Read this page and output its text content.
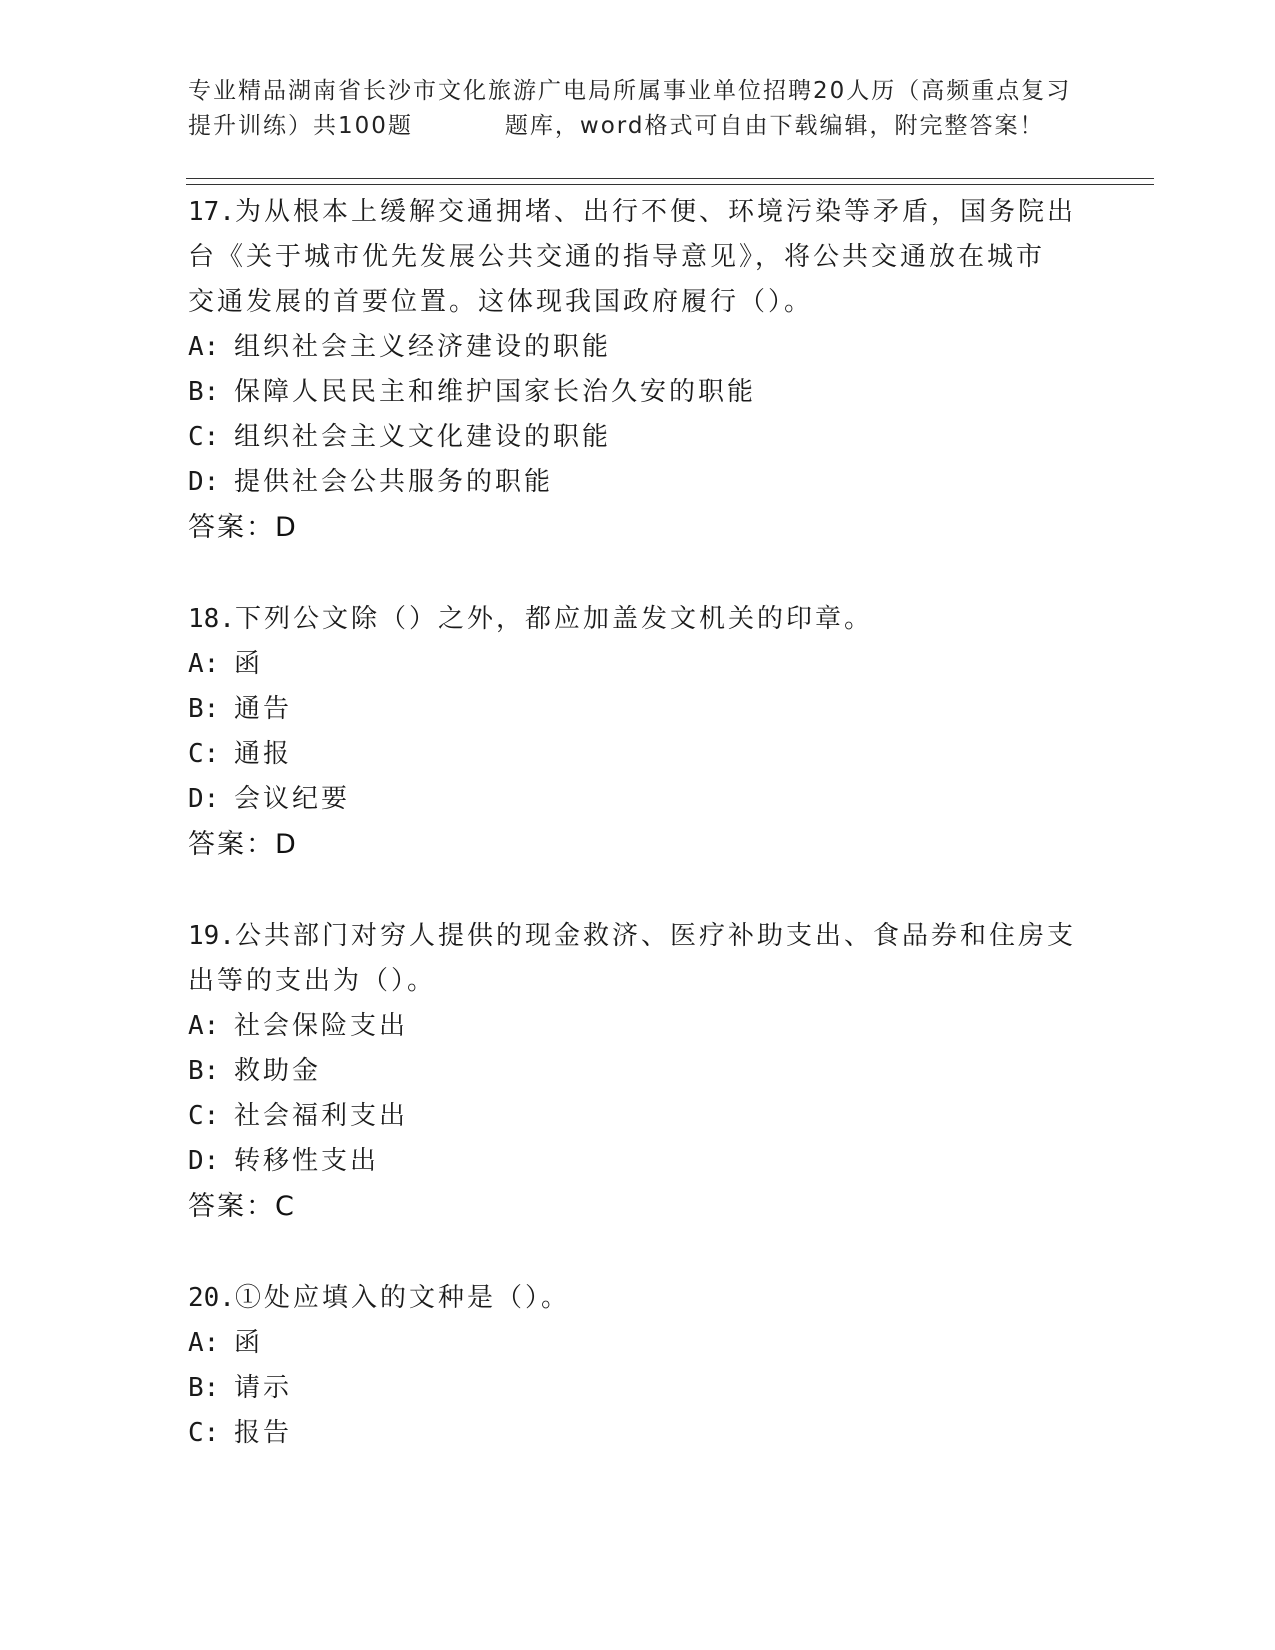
专业精品湖南省长沙市文化旅游广电局所属事业单位招聘20人历（高频重点复习
提升训练）共100题	题库，word格式可自由下载编辑，附完整答案！
17.为从根本上缓解交通拥堵、出行不便、环境污染等矛盾，国务院出
台《关于城市优先发展公共交通的指导意见》，将公共交通放在城市
交通发展的首要位置。这体现我国政府履行（）。
A: 组织社会主义经济建设的职能
B: 保障人民民主和维护国家长治久安的职能
C: 组织社会主义文化建设的职能
D: 提供社会公共服务的职能
答案：D
18.下列公文除（）之外，都应加盖发文机关的印章。
A: 函
B: 通告
C: 通报
D: 会议纪要
答案：D
19.公共部门对穷人提供的现金救济、医疗补助支出、食品券和住房支
出等的支出为（）。
A: 社会保险支出
B: 救助金
C: 社会福利支出
D: 转移性支出
答案：C
20.①处应填入的文种是（）。
A: 函
B: 请示
C: 报告
